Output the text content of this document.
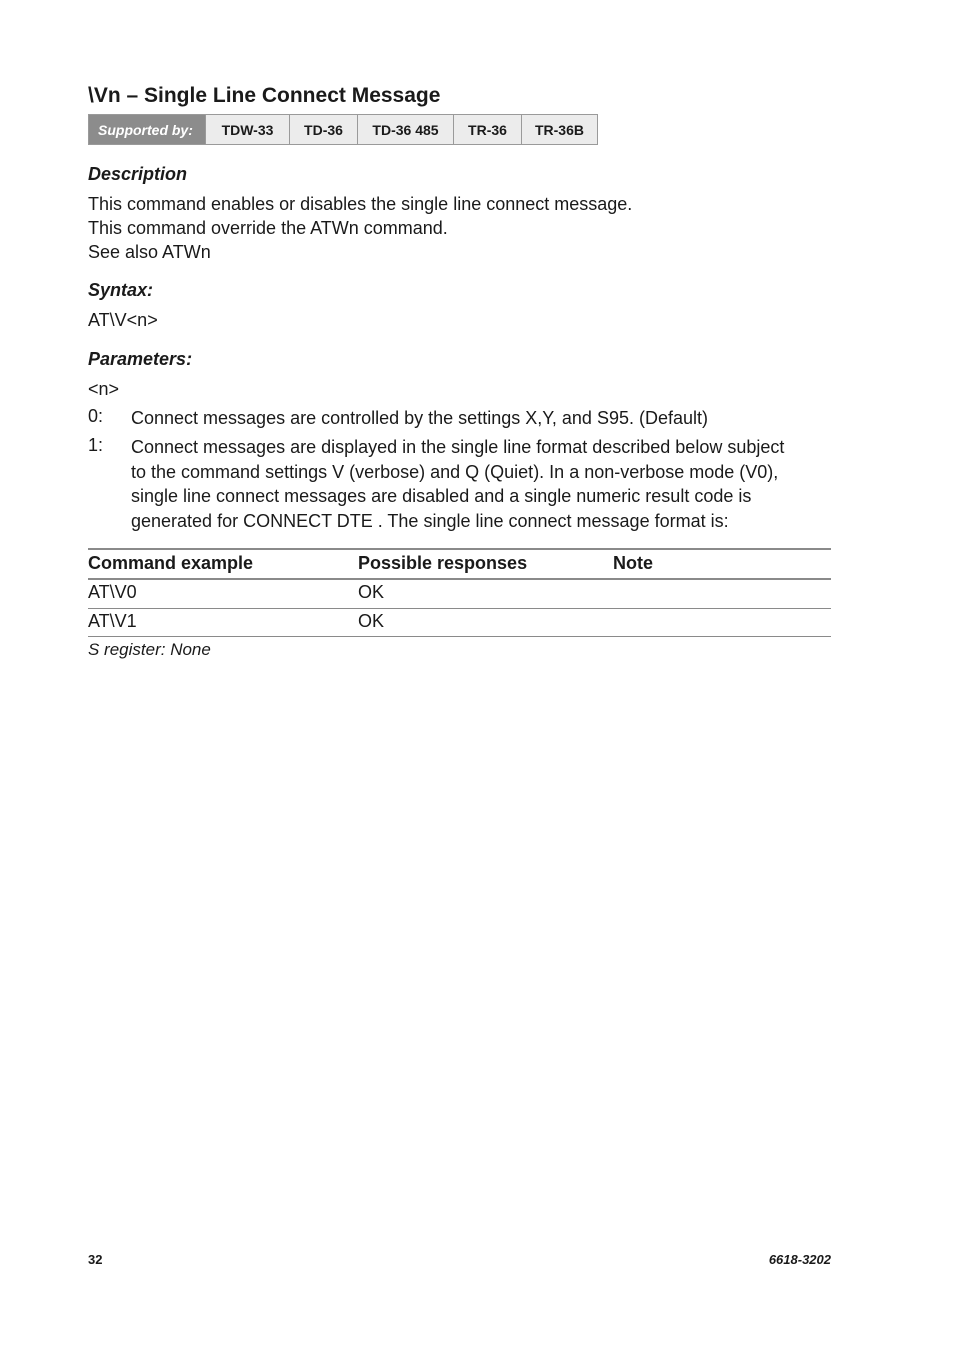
\Vn – Single Line Connect Message
Supported by:	TDW-33	TD-36	TD-36 485	TR-36	TR-36B
Description
This command enables or disables the single line connect message.
This command override the ATWn command.
See also ATWn
Syntax:
AT\V<n>
Parameters:
<n>
0: Connect messages are controlled by the settings X,Y, and S95. (Default)
1: Connect messages are displayed in the single line format described below subject
to the command settings V (verbose) and Q (Quiet). In a non-verbose mode (V0),
single line connect messages are disabled and a single numeric result code is
generated for CONNECT DTE . The single line connect message format is:
Command example	Possible responses	Note
AT\V0	OK
AT\V1	OK
S register: None
32	6618-3202
